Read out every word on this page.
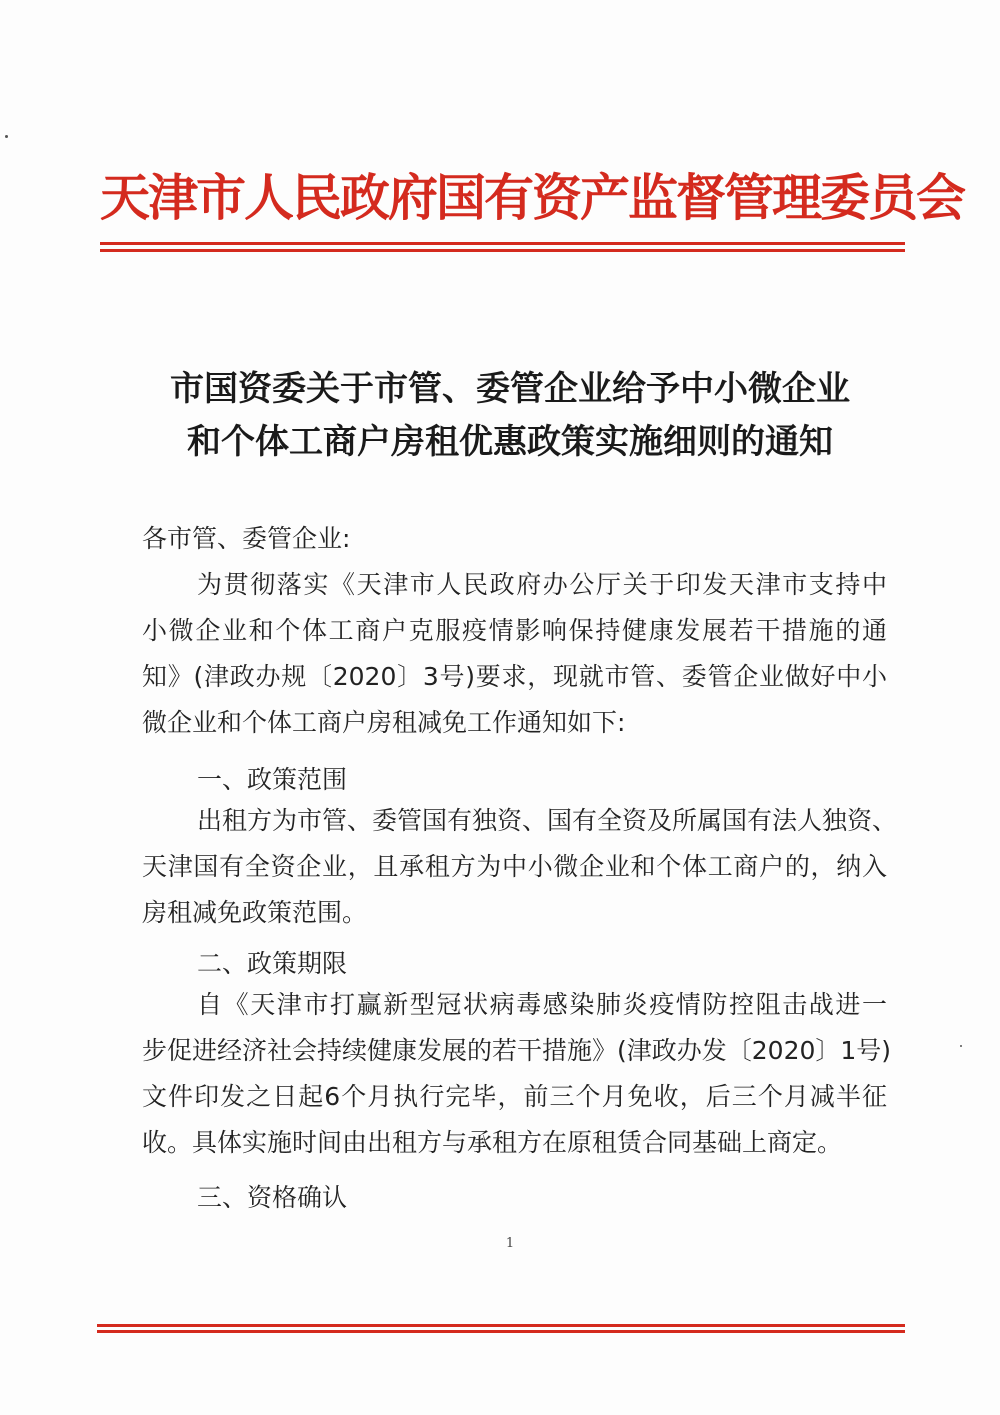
天津市人民政府国有资产监督管理委员会
市国资委关于市管、委管企业给予中小微企业
和个体工商户房租优惠政策实施细则的通知
各市管、委管企业:
为贯彻落实《天津市人民政府办公厅关于印发天津市支持中
小微企业和个体工商户克服疫情影响保持健康发展若干措施的通
知》(津政办规〔2020〕3号)要求，现就市管、委管企业做好中小
微企业和个体工商户房租减免工作通知如下:
一、政策范围
出租方为市管、委管国有独资、国有全资及所属国有法人独资、
天津国有全资企业，且承租方为中小微企业和个体工商户的，纳入
房租减免政策范围。
二、政策期限
自《天津市打赢新型冠状病毒感染肺炎疫情防控阻击战进一
步促进经济社会持续健康发展的若干措施》(津政办发〔2020〕1号)
文件印发之日起6个月执行完毕，前三个月免收，后三个月减半征
收。具体实施时间由出租方与承租方在原租赁合同基础上商定。
三、资格确认
1
